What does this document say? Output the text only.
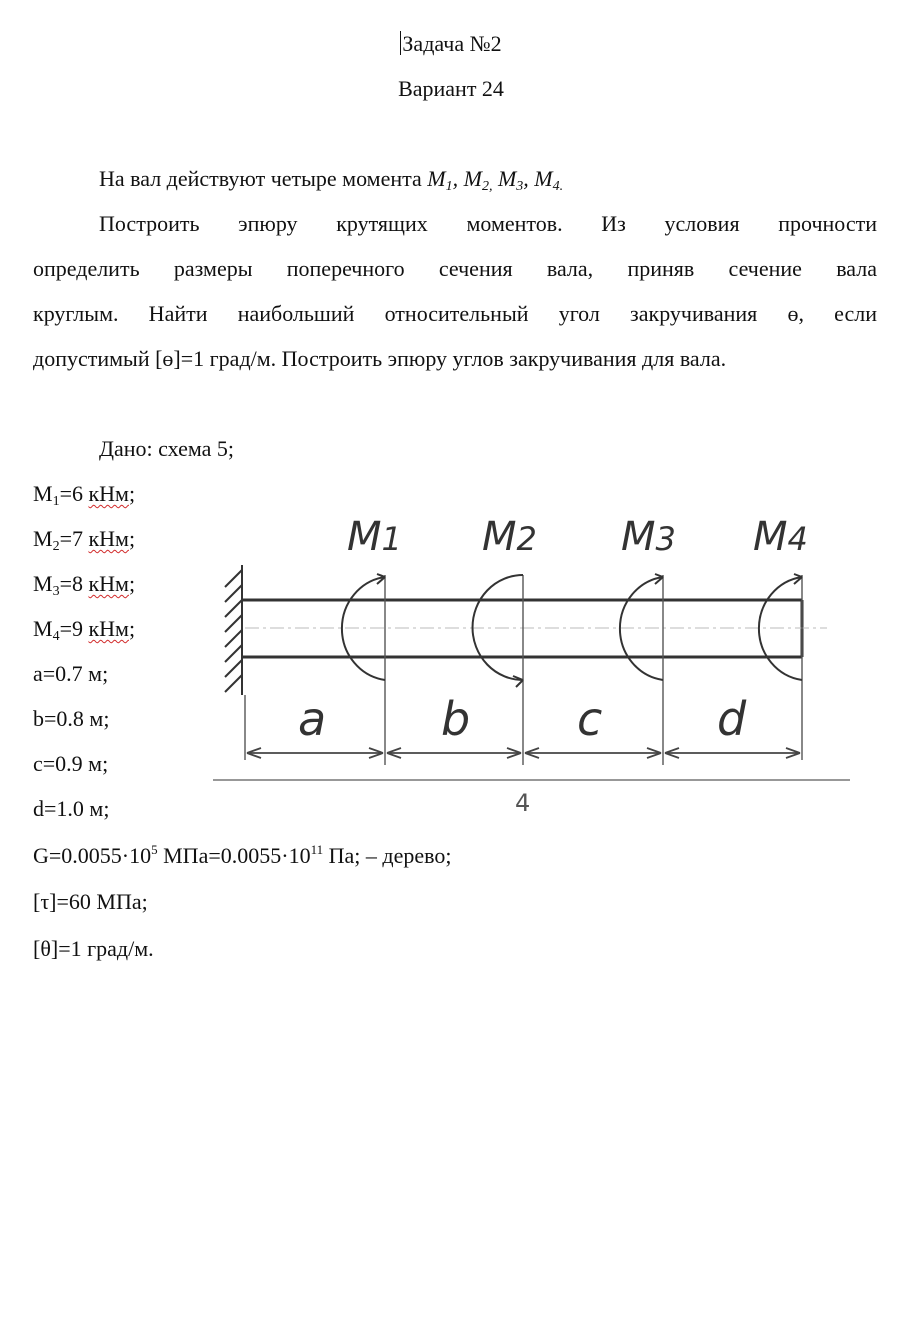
Задача №2
Вариант 24
На вал действуют четыре момента $M_1$, $M_{2,}$ $M_3$, $M_{4.}$
Построить эпюру крутящих моментов. Из условия прочности
определить размеры поперечного сечения вала, приняв сечение вала
круглым. Найти наибольший относительный угол закручивания ɵ, если
допустимый [ɵ]=1 град/м. Построить эпюру углов закручивания для вала.
Дано: схема 5;
$M_1=6$ кНм;
$M_2=7$ кНм;
$M_3=8$ кНм;
$M_4=9$ кНм;
a=0.7 м;
b=0.8 м;
c=0.9 м;
d=1.0 м;
$G=0.0055\cdot 10^5$ $МПа=0.0055\cdot 10^{11}$ Па; – дерево;
[τ]=60 МПа;
[θ]=1 град/м.
M1 M2 M3 M4
a b c d
4
